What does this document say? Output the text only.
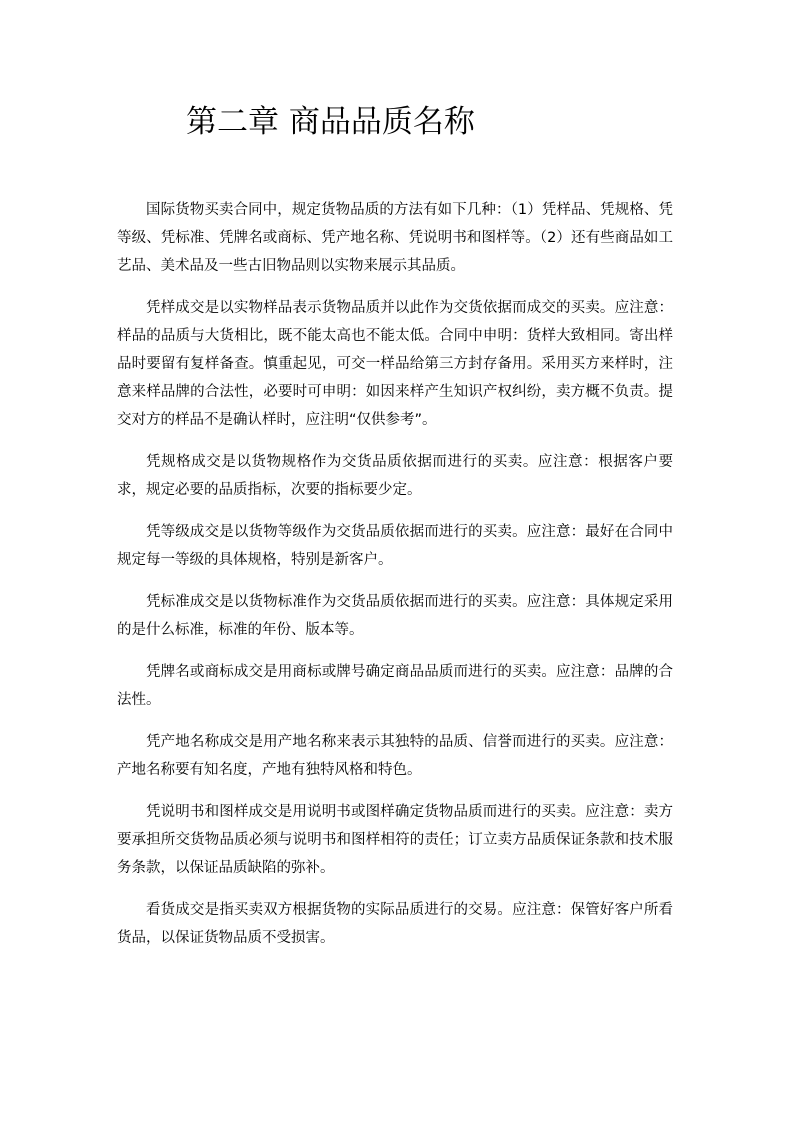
第二章 商品品质名称

国际货物买卖合同中，规定货物品质的方法有如下几种：（1）凭样品、凭规格、凭等级、凭标准、凭牌名或商标、凭产地名称、凭说明书和图样等。（2）还有些商品如工艺品、美术品及一些古旧物品则以实物来展示其品质。

凭样成交是以实物样品表示货物品质并以此作为交货依据而成交的买卖。应注意：样品的品质与大货相比，既不能太高也不能太低。合同中申明：货样大致相同。寄出样品时要留有复样备查。慎重起见，可交一样品给第三方封存备用。采用买方来样时，注意来样品牌的合法性，必要时可申明：如因来样产生知识产权纠纷，卖方概不负责。提交对方的样品不是确认样时，应注明“仅供参考”。

凭规格成交是以货物规格作为交货品质依据而进行的买卖。应注意：根据客户要求，规定必要的品质指标，次要的指标要少定。

凭等级成交是以货物等级作为交货品质依据而进行的买卖。应注意：最好在合同中规定每一等级的具体规格，特别是新客户。

凭标准成交是以货物标准作为交货品质依据而进行的买卖。应注意：具体规定采用的是什么标准，标准的年份、版本等。

凭牌名或商标成交是用商标或牌号确定商品品质而进行的买卖。应注意：品牌的合法性。

凭产地名称成交是用产地名称来表示其独特的品质、信誉而进行的买卖。应注意：产地名称要有知名度，产地有独特风格和特色。

凭说明书和图样成交是用说明书或图样确定货物品质而进行的买卖。应注意：卖方要承担所交货物品质必须与说明书和图样相符的责任；订立卖方品质保证条款和技术服务条款，以保证品质缺陷的弥补。

看货成交是指买卖双方根据货物的实际品质进行的交易。应注意：保管好客户所看货品，以保证货物品质不受损害。
